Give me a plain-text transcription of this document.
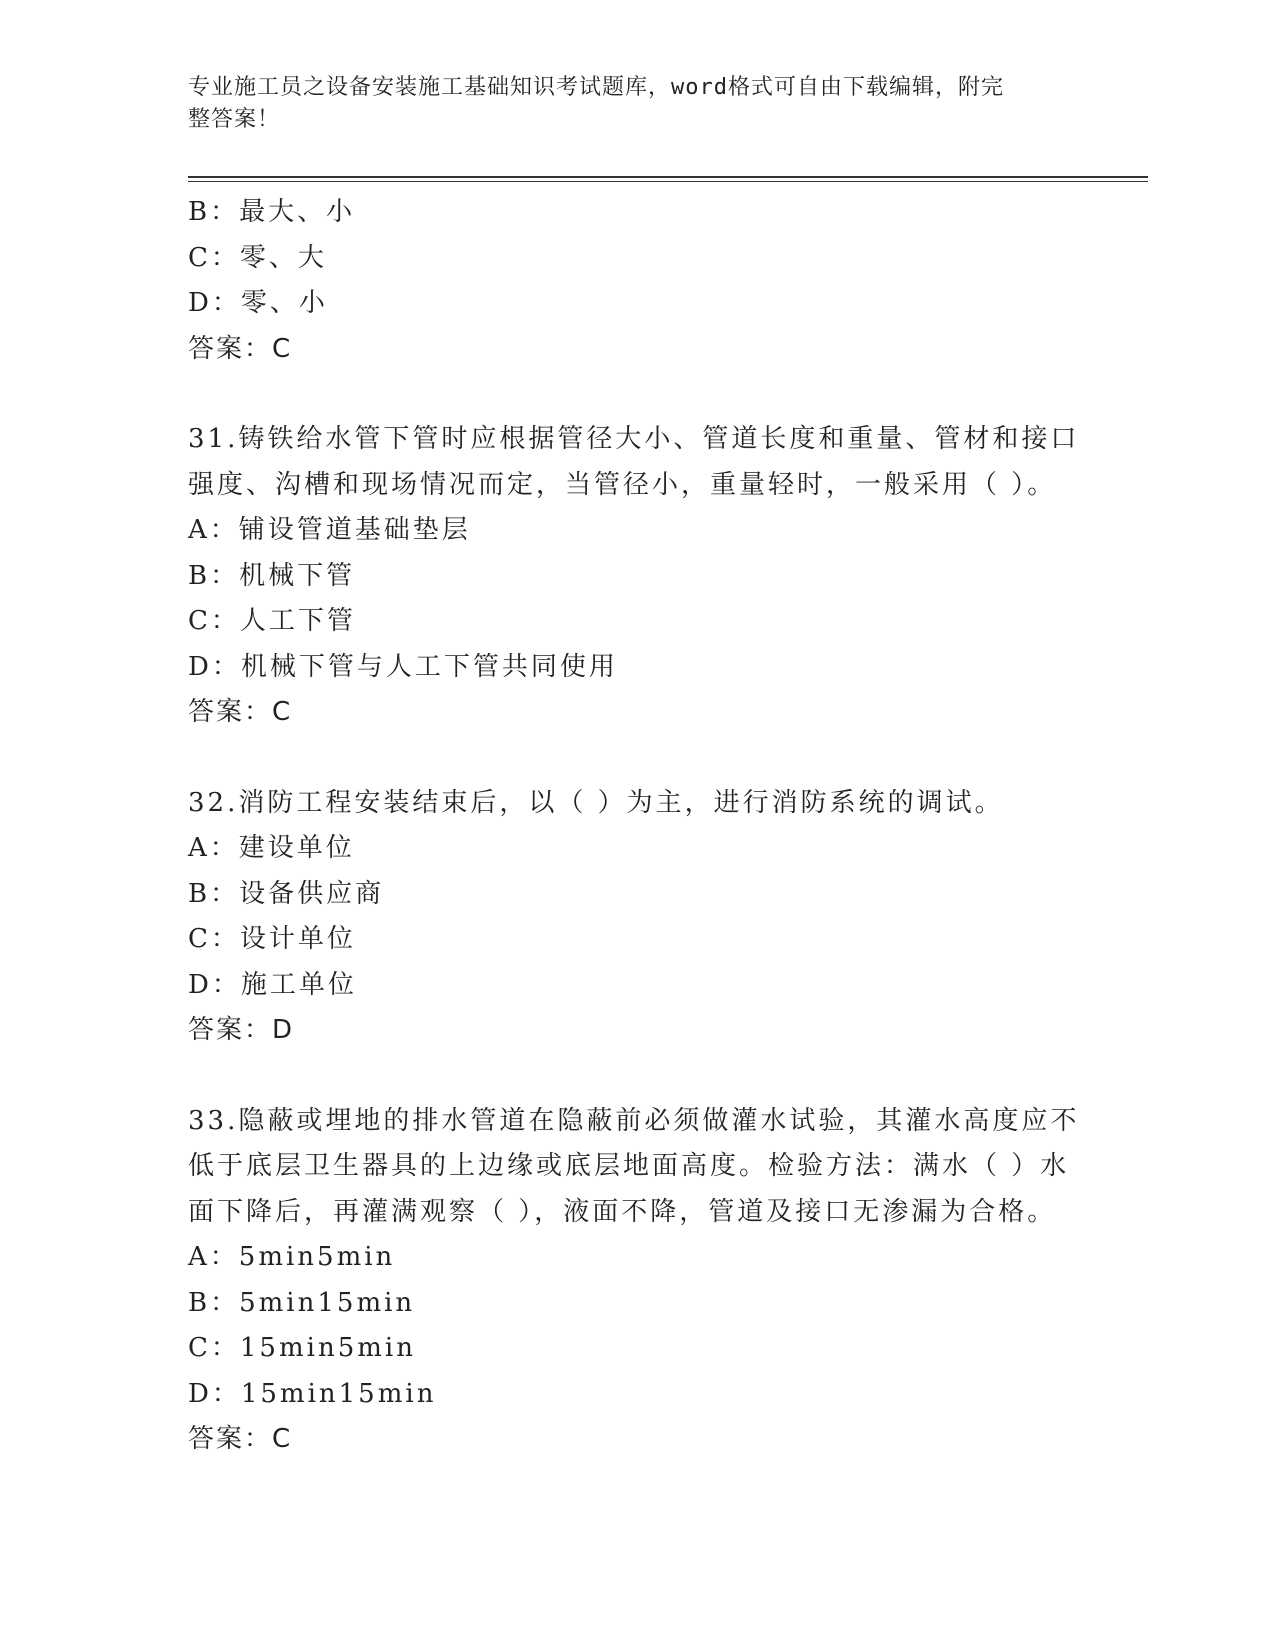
专业施工员之设备安装施工基础知识考试题库，word格式可自由下载编辑，附完
整答案！
B：最大、小
C：零、大
D：零、小
答案：C
31.铸铁给水管下管时应根据管径大小、管道长度和重量、管材和接口
强度、沟槽和现场情况而定，当管径小，重量轻时，一般采用（ ）。
A：铺设管道基础垫层
B：机械下管
C：人工下管
D：机械下管与人工下管共同使用
答案：C
32.消防工程安装结束后，以（ ）为主，进行消防系统的调试。
A：建设单位
B：设备供应商
C：设计单位
D：施工单位
答案：D
33.隐蔽或埋地的排水管道在隐蔽前必须做灌水试验，其灌水高度应不
低于底层卫生器具的上边缘或底层地面高度。检验方法：满水（ ）水
面下降后，再灌满观察（ ），液面不降，管道及接口无渗漏为合格。
A：5min5min
B：5min15min
C：15min5min
D：15min15min
答案：C
